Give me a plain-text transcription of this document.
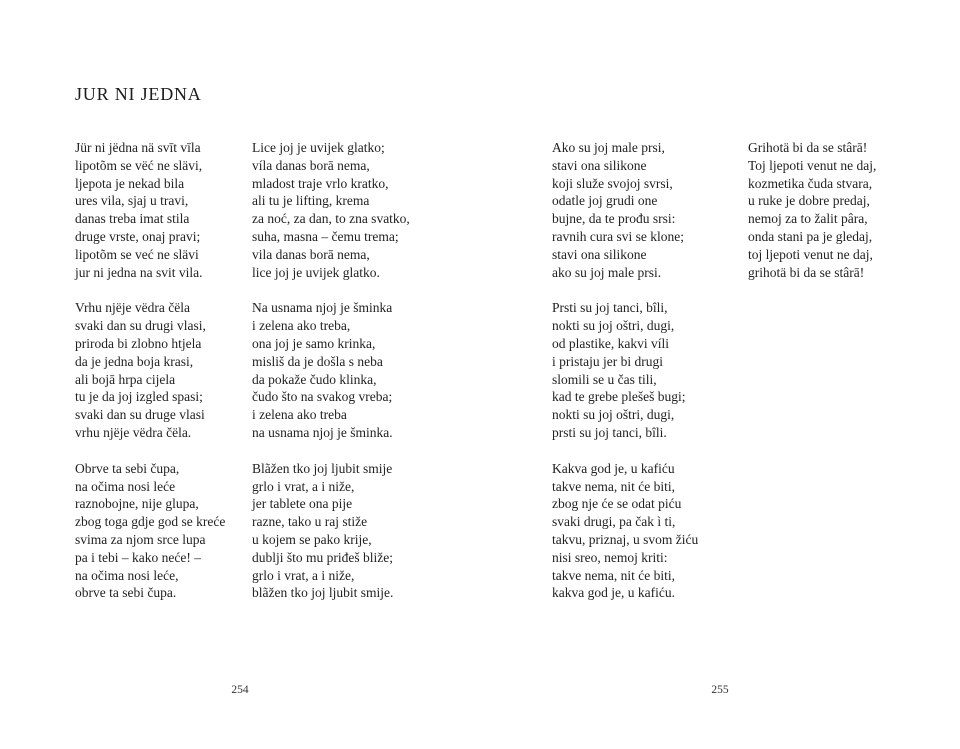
JUR NI JEDNA
Jür ni jëdna nä svīt vīla
lipotõm se vëć ne slävi,
ljepota je nekad bila
ures vila, sjaj u travi,
danas treba imat stila
druge vrste, onaj pravi;
lipotõm se već ne slävi
jur ni jedna na svit vila.
Vrhu njëje vëdra čëla
svaki dan su drugi vlasi,
priroda bi zlobno htjela
da je jedna boja krasi,
ali bojā hrpa cijela
tu je da joj izgled spasi;
svaki dan su druge vlasi
vrhu njëje vëdra čëla.
Obrve ta sebi čupa,
na očima nosi leće
raznobojne, nije glupa,
zbog toga gdje god se kreće
svima za njom srce lupa
pa i tebi – kako neće! –
na očima nosi leće,
obrve ta sebi čupa.
Lice joj je uvijek glatko;
víla danas borā nema,
mladost traje vrlo kratko,
ali tu je lifting, krema
za noć, za dan, to zna svatko,
suha, masna – čemu trema;
vila danas borā nema,
lice joj je uvijek glatko.
Na usnama njoj je šminka
i zelena ako treba,
ona joj je samo krinka,
misliš da je došla s neba
da pokaže čudo klinka,
čudo što na svakog vreba;
i zelena ako treba
na usnama njoj je šminka.
Blãžen tko joj ljubit smije
grlo i vrat, a i niže,
jer tablete ona pije
razne, tako u raj stiže
u kojem se pako krije,
dublji što mu priđeš bliže;
grlo i vrat, a i niže,
blãžen tko joj ljubit smije.
Ako su joj male prsi,
stavi ona silikone
koji služe svojoj svrsi,
odatle joj grudi one
bujne, da te prođu srsi:
ravnih cura svi se klone;
stavi ona silikone
ako su joj male prsi.
Prsti su joj tanci, bîli,
nokti su joj oštri, dugi,
od plastike, kakvi víli
i pristaju jer bi drugi
slomili se u čas tili,
kad te grebe plešeš bugi;
nokti su joj oštri, dugi,
prsti su joj tanci, bîli.
Kakva god je, u kafiću
takve nema, nit će biti,
zbog nje će se odat piću
svaki drugi, pa čak ì ti,
takvu, priznaj, u svom žiću
nisi sreo, nemoj kriti:
takve nema, nit će biti,
kakva god je, u kafiću.
Grihotä bi da se stârā!
Toj ljepoti venut ne daj,
kozmetika čuda stvara,
u ruke je dobre predaj,
nemoj za to žalit pâra,
onda stani pa je gledaj,
toj ljepoti venut ne daj,
grihotä bi da se stârā!
254	255
